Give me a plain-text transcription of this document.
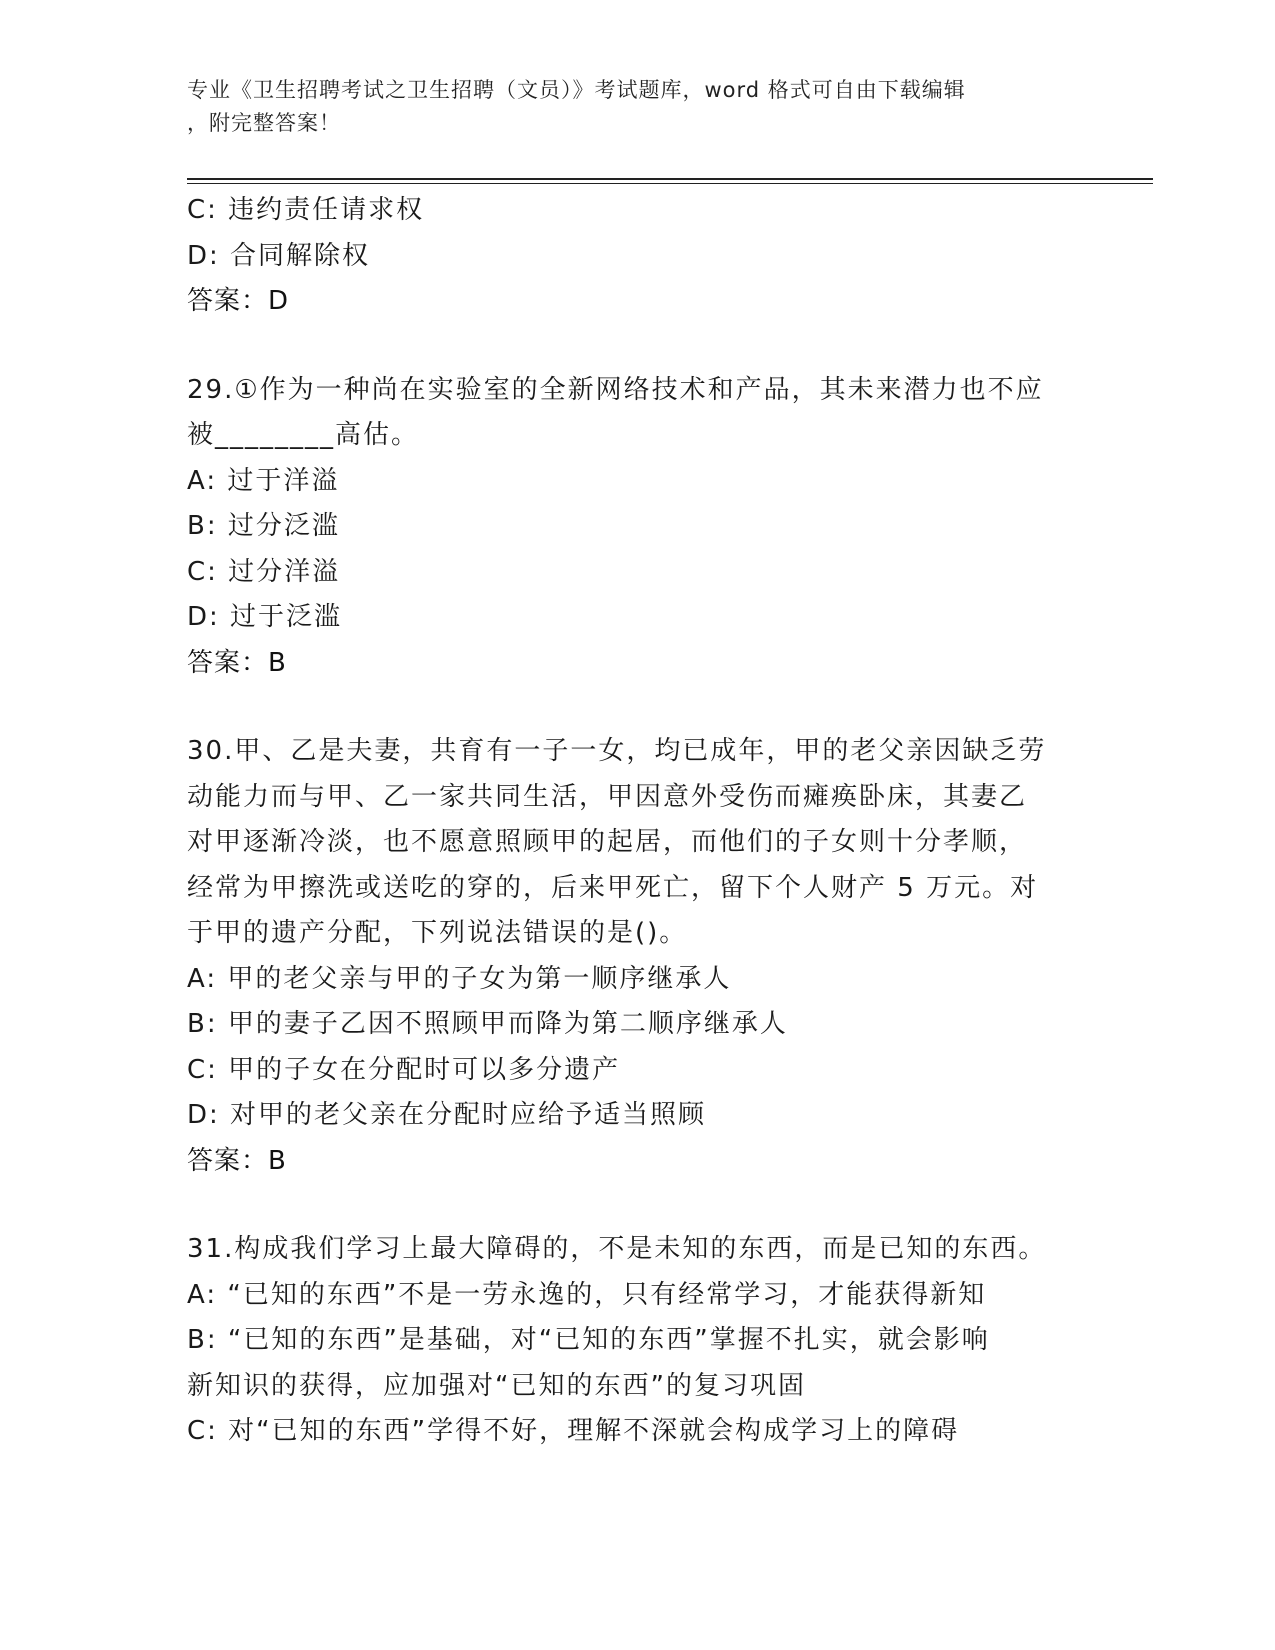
专业《卫生招聘考试之卫生招聘（文员）》考试题库，word 格式可自由下载编辑
，附完整答案！
C: 违约责任请求权
D: 合同解除权
答案：D
29.①作为一种尚在实验室的全新网络技术和产品，其未来潜力也不应
被________高估。
A: 过于洋溢
B: 过分泛滥
C: 过分洋溢
D: 过于泛滥
答案：B
30.甲、乙是夫妻，共育有一子一女，均已成年，甲的老父亲因缺乏劳
动能力而与甲、乙一家共同生活，甲因意外受伤而瘫痪卧床，其妻乙
对甲逐渐冷淡，也不愿意照顾甲的起居，而他们的子女则十分孝顺，
经常为甲擦洗或送吃的穿的，后来甲死亡，留下个人财产 5 万元。对
于甲的遗产分配，下列说法错误的是()。
A: 甲的老父亲与甲的子女为第一顺序继承人
B: 甲的妻子乙因不照顾甲而降为第二顺序继承人
C: 甲的子女在分配时可以多分遗产
D: 对甲的老父亲在分配时应给予适当照顾
答案：B
31.构成我们学习上最大障碍的，不是未知的东西，而是已知的东西。
A: “已知的东西”不是一劳永逸的，只有经常学习，才能获得新知
B: “已知的东西”是基础，对“已知的东西”掌握不扎实，就会影响
新知识的获得，应加强对“已知的东西”的复习巩固
C: 对“已知的东西”学得不好，理解不深就会构成学习上的障碍
